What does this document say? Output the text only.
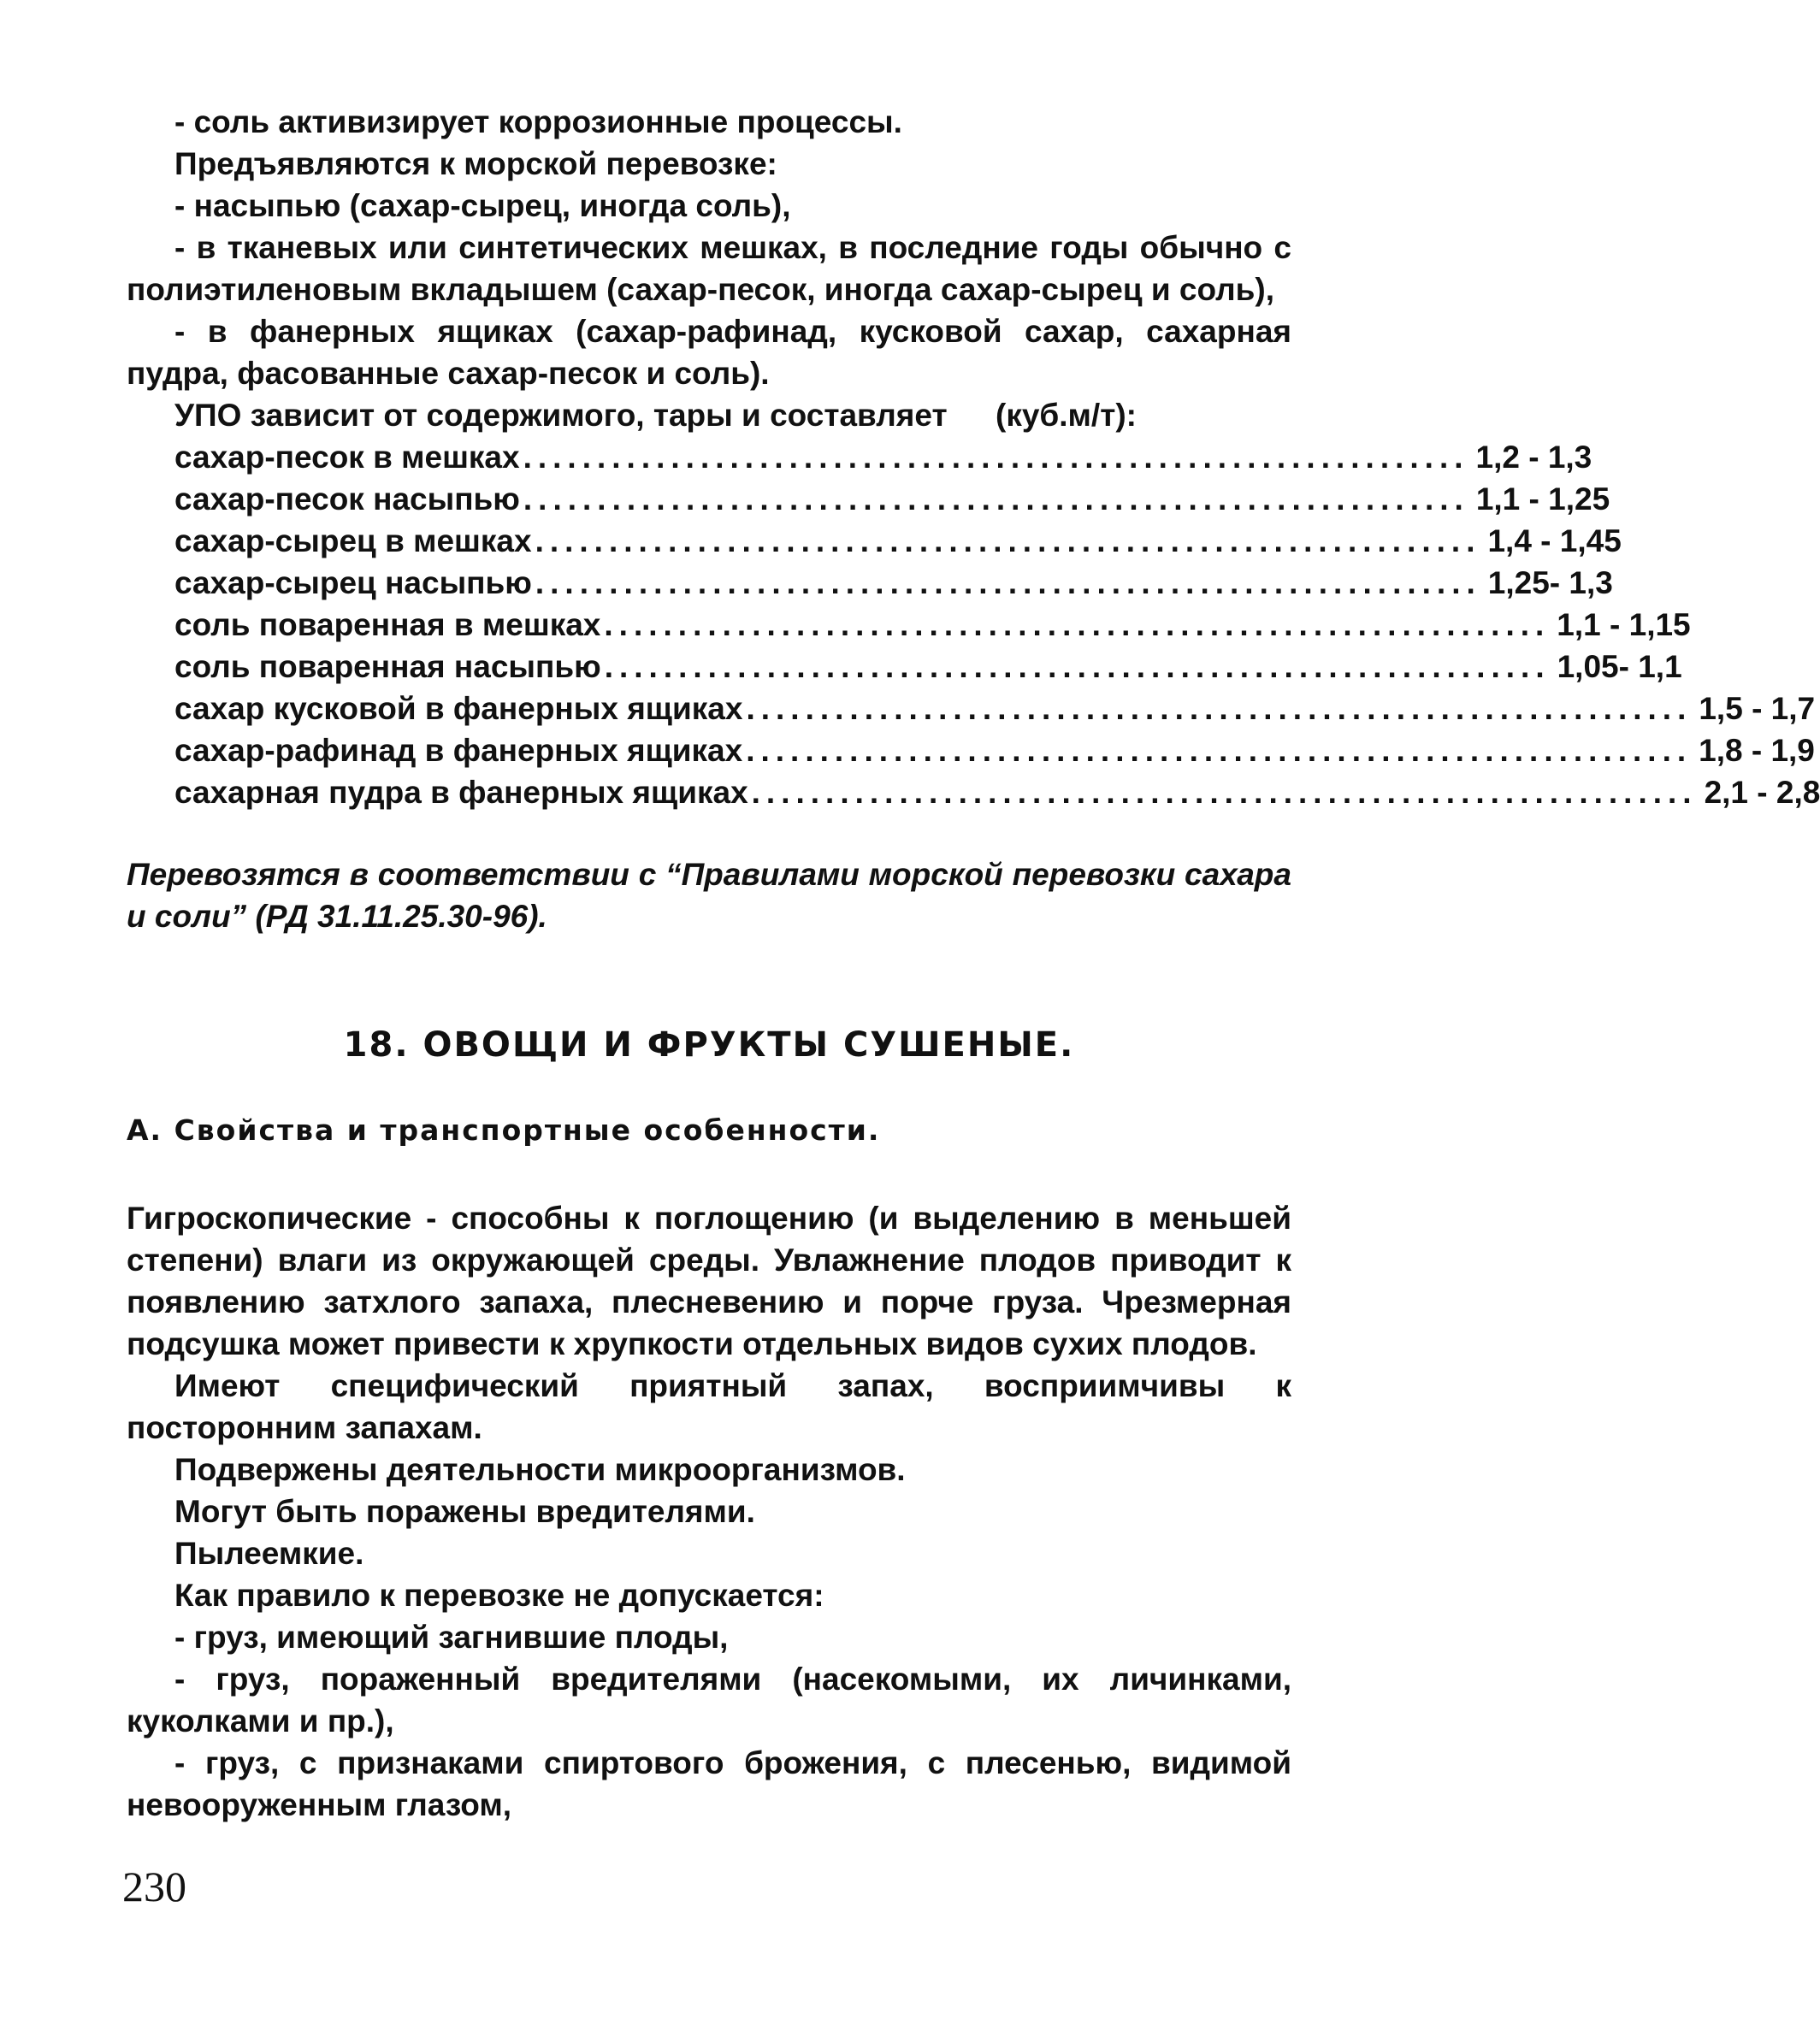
- соль активизирует коррозионные процессы.

Предъявляются к морской перевозке:

- насыпью (сахар-сырец, иногда соль),

- в тканевых или синтетических мешках, в последние годы обычно с полиэтиленовым вкладышем (сахар-песок, иногда сахар-сырец и соль),

- в фанерных ящиках (сахар-рафинад, кусковой сахар, сахарная пудра, фасованные сахар-песок и соль).

УПО зависит от содержимого, тары и составляет (куб.м/т):
сахар-песок в мешках ................................................................ 1,2 - 1,3
сахар-песок насыпью ................................................................ 1,1 - 1,25
сахар-сырец в мешках ................................................................ 1,4 - 1,45
сахар-сырец насыпью ................................................................ 1,25- 1,3
соль поваренная в мешках ................................................................ 1,1 - 1,15
соль поваренная насыпью ................................................................ 1,05- 1,1
сахар кусковой в фанерных ящиках ................................................................ 1,5 - 1,7
сахар-рафинад в фанерных ящиках ................................................................ 1,8 - 1,9
сахарная пудра в фанерных ящиках ................................................................ 2,1 - 2,8

Перевозятся в соответствии с “Правилами морской перевозки сахара и соли” (РД 31.11.25.30-96).

18. ОВОЩИ И ФРУКТЫ СУШЕНЫЕ.

А. Свойства и транспортные особенности.

Гигроскопические - способны к поглощению (и выделению в меньшей степени) влаги из окружающей среды. Увлажнение плодов приводит к появлению затхлого запаха, плесневению и порче груза. Чрезмерная подсушка может привести к хрупкости отдельных видов сухих плодов.

Имеют специфический приятный запах, восприимчивы к посторонним запахам.

Подвержены деятельности микроорганизмов.

Могут быть поражены вредителями.

Пылеемкие.

Как правило к перевозке не допускается:

- груз, имеющий загнившие плоды,

- груз, пораженный вредителями (насекомыми, их личинками, куколками и пр.),

- груз, с признаками спиртового брожения, с плесенью, видимой невооруженным глазом,

230
